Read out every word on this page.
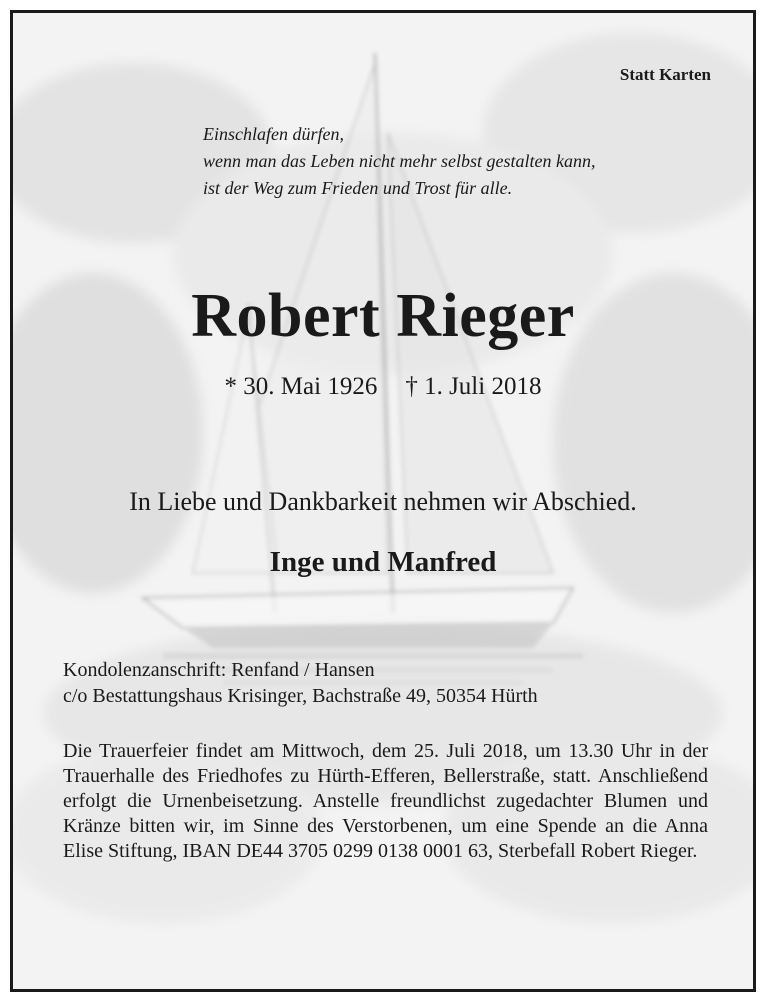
Statt Karten
Einschlafen dürfen,
wenn man das Leben nicht mehr selbst gestalten kann,
ist der Weg zum Frieden und Trost für alle.
Robert Rieger
* 30. Mai 1926 † 1. Juli 2018
In Liebe und Dankbarkeit nehmen wir Abschied.
Inge und Manfred
Kondolenzanschrift: Renfand / Hansen
c/o Bestattungshaus Krisinger, Bachstraße 49, 50354 Hürth
Die Trauerfeier findet am Mittwoch, dem 25. Juli 2018, um 13.30 Uhr in der Trauerhalle des Friedhofes zu Hürth-Efferen, Bellerstraße, statt. Anschließend erfolgt die Urnenbeisetzung. Anstelle freundlichst zugedachter Blumen und Kränze bitten wir, im Sinne des Verstorbenen, um eine Spende an die Anna Elise Stiftung, IBAN DE44 3705 0299 0138 0001 63, Sterbefall Robert Rieger.
